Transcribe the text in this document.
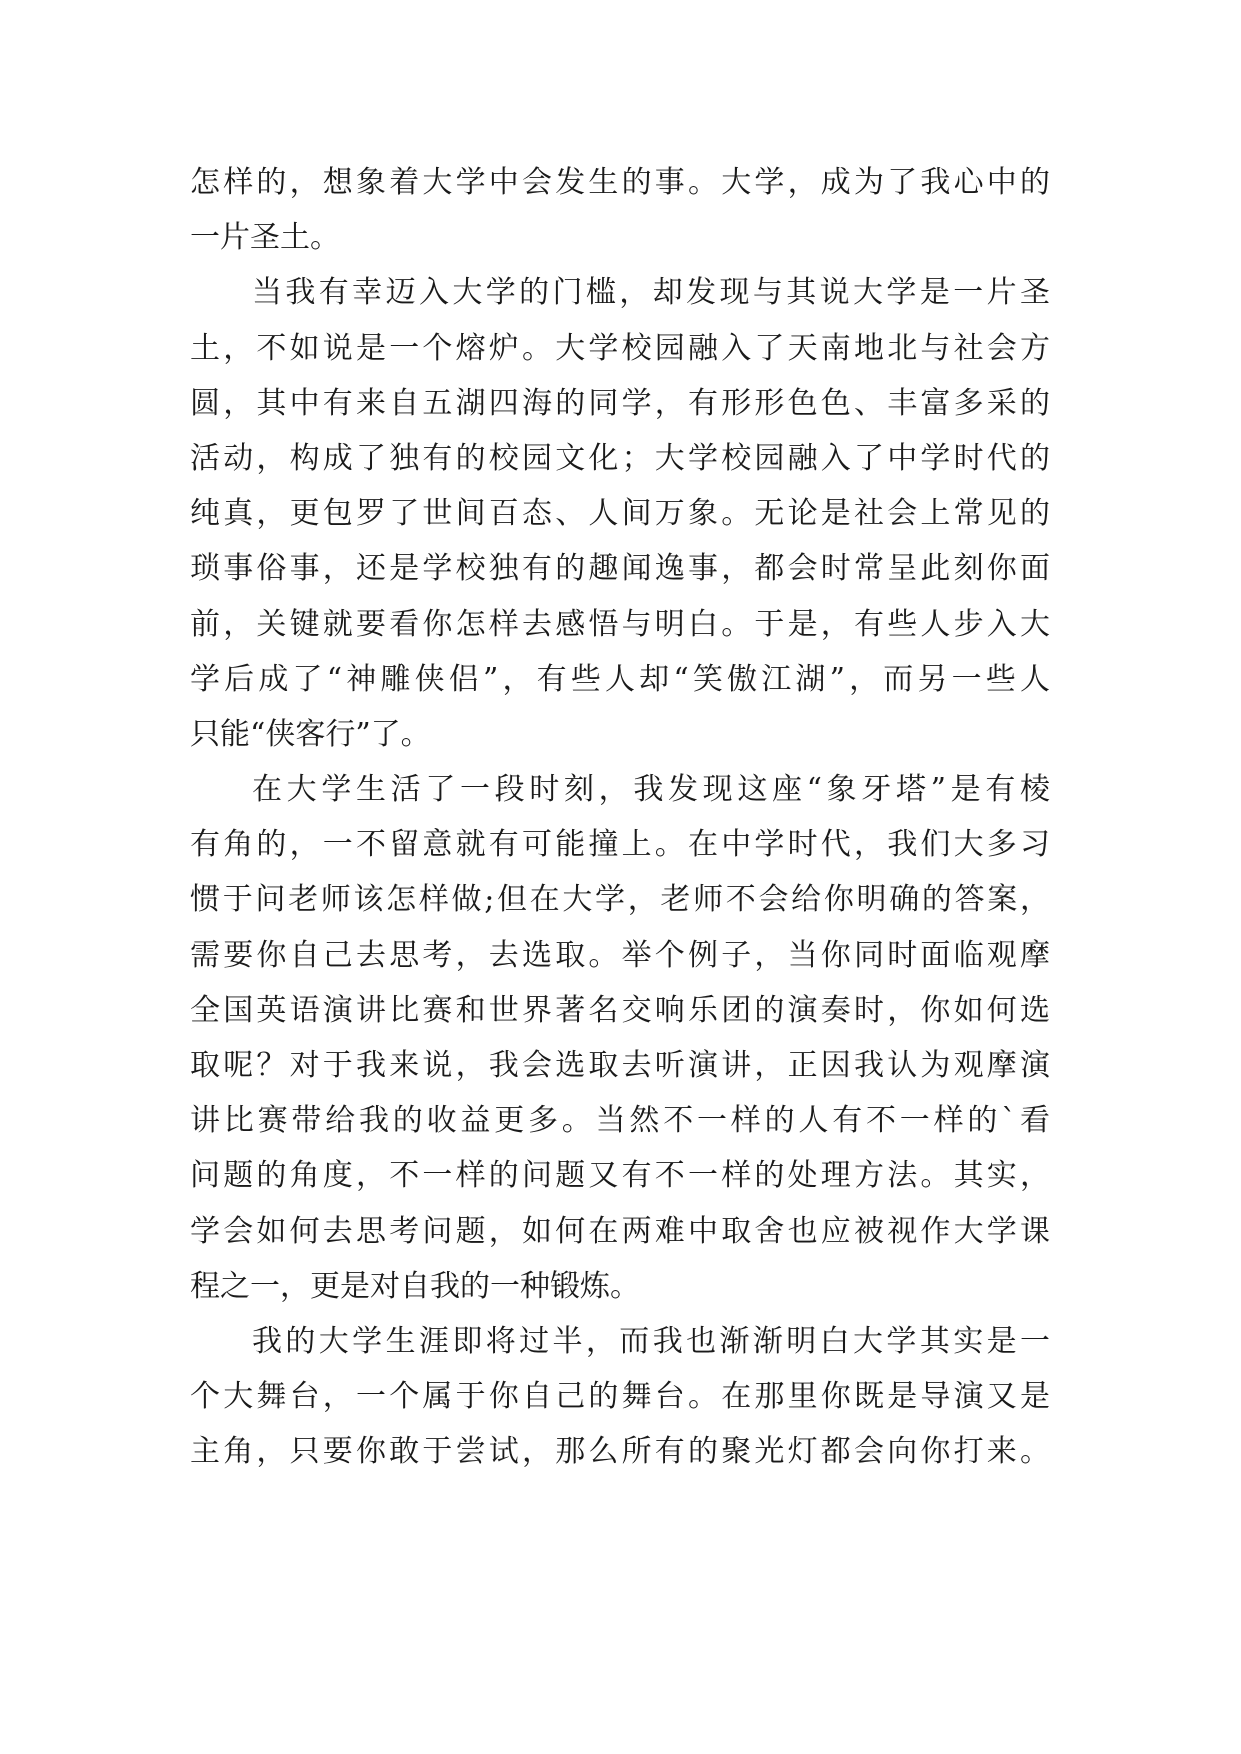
怎样的，想象着大学中会发生的事。大学，成为了我心中的
一片圣土。
当我有幸迈入大学的门槛，却发现与其说大学是一片圣
土，不如说是一个熔炉。大学校园融入了天南地北与社会方
圆，其中有来自五湖四海的同学，有形形色色、丰富多采的
活动，构成了独有的校园文化；大学校园融入了中学时代的
纯真，更包罗了世间百态、人间万象。无论是社会上常见的
琐事俗事，还是学校独有的趣闻逸事，都会时常呈此刻你面
前，关键就要看你怎样去感悟与明白。于是，有些人步入大
学后成了“神雕侠侣”，有些人却“笑傲江湖”，而另一些人
只能“侠客行”了。
在大学生活了一段时刻，我发现这座“象牙塔”是有棱
有角的，一不留意就有可能撞上。在中学时代，我们大多习
惯于问老师该怎样做;但在大学，老师不会给你明确的答案，
需要你自己去思考，去选取。举个例子，当你同时面临观摩
全国英语演讲比赛和世界著名交响乐团的演奏时，你如何选
取呢？对于我来说，我会选取去听演讲，正因我认为观摩演
讲比赛带给我的收益更多。当然不一样的人有不一样的`看
问题的角度，不一样的问题又有不一样的处理方法。其实，
学会如何去思考问题，如何在两难中取舍也应被视作大学课
程之一，更是对自我的一种锻炼。
我的大学生涯即将过半，而我也渐渐明白大学其实是一
个大舞台，一个属于你自己的舞台。在那里你既是导演又是
主角，只要你敢于尝试，那么所有的聚光灯都会向你打来。
